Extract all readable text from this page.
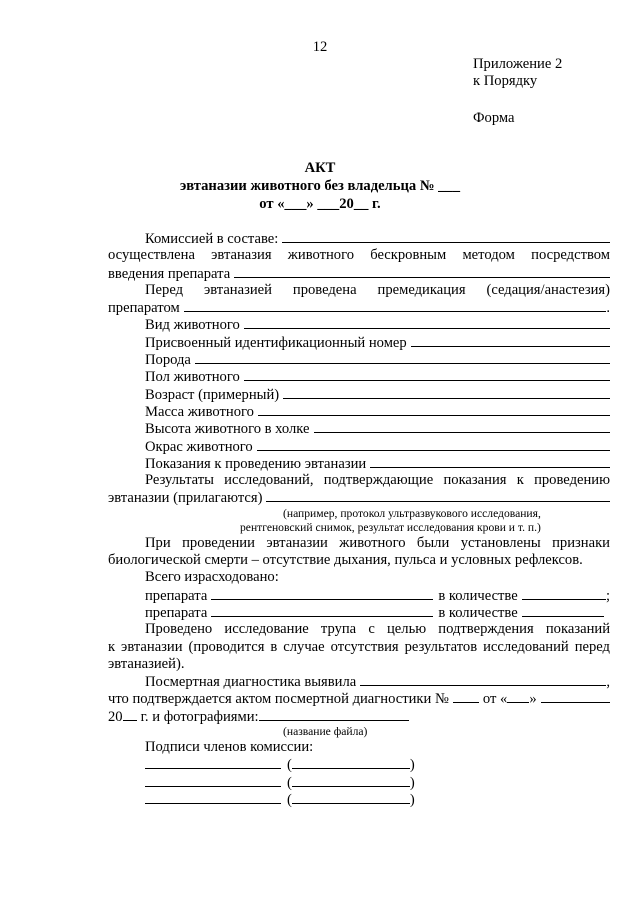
12
Приложение 2
к Порядку
Форма
АКТ
эвтаназии животного без владельца № ___
от «___» ___20__ г.
Комиссией в составе:
осуществлена эвтаназия животного бескровным методом посредством
введения препарата
Перед эвтаназией проведена премедикация (седация/анастезия)
препаратом	.
Вид животного
Присвоенный идентификационный номер
Порода
Пол животного
Возраст (примерный)
Масса животного
Высота животного в холке
Окрас животного
Показания к проведению эвтаназии
Результаты исследований, подтверждающие показания к проведению
эвтаназии (прилагаются)
(например, протокол ультразвукового исследования,
рентгеновский снимок, результат исследования крови и т. п.)
При проведении эвтаназии животного были установлены признаки
биологической смерти – отсутствие дыхания, пульса и условных рефлексов.
Всего израсходовано:
препарата	в количестве	;
препарата	в количестве
Проведено исследование трупа с целью подтверждения показаний
к эвтаназии (проводится в случае отсутствия результатов исследований перед
эвтаназией).
Посмертная диагностика выявила	,
что подтверждается актом посмертной диагностики № от « »
20 г. и фотографиями:
(название файла)
Подписи членов комиссии:
(	)
(	)
(	)
